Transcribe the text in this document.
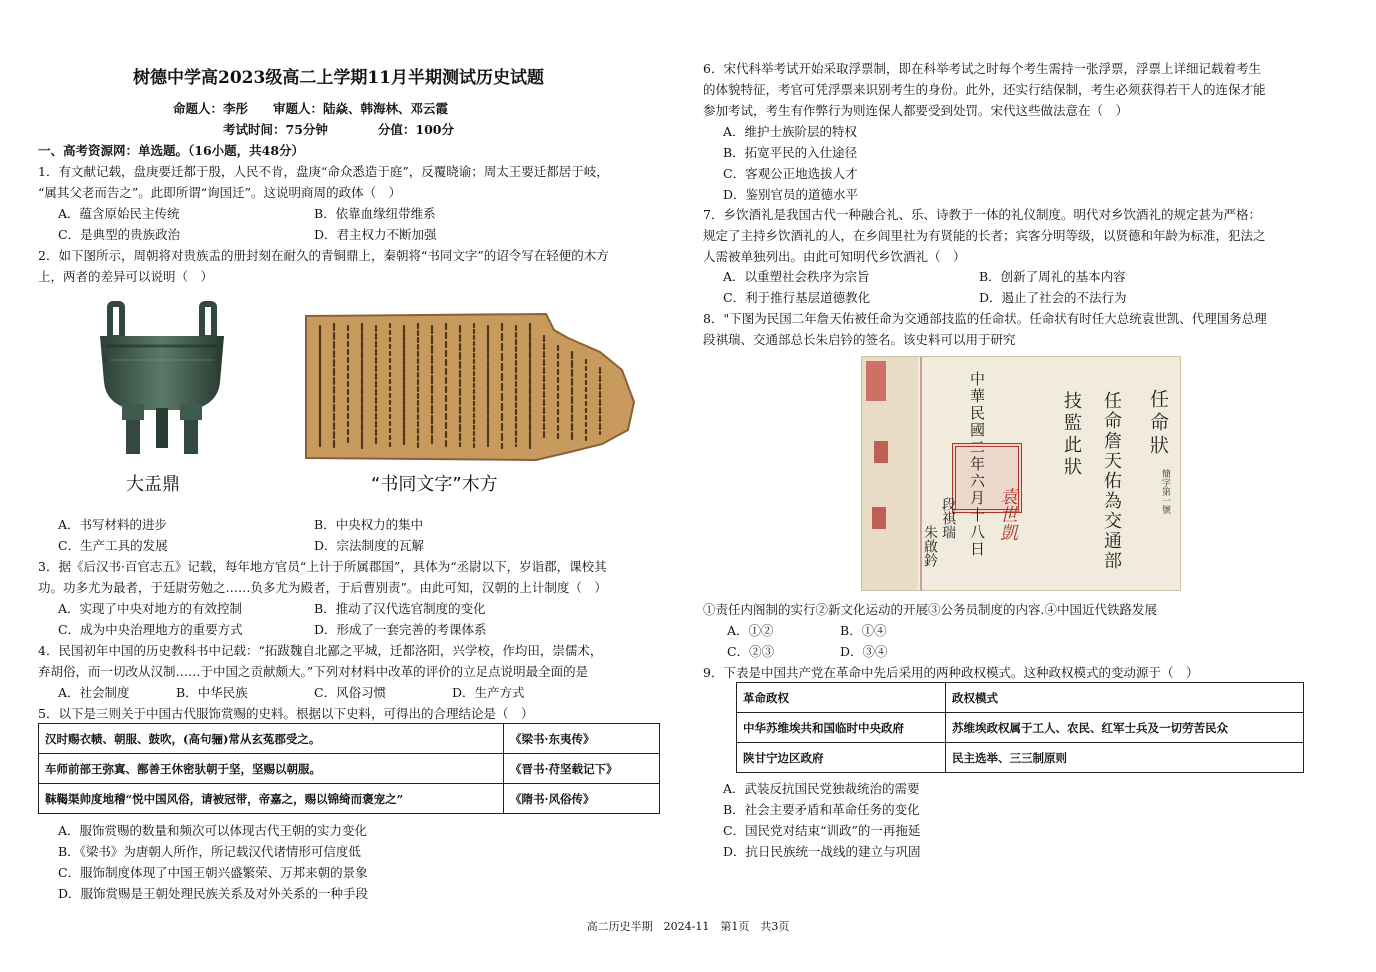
树德中学高2023级高二上学期11月半期测试历史试题
命题人：李彤　　审题人：陆焱、韩海林、邓云霞
考试时间：75分钟　　　　分值：100分
一、高考资源网：单选题。（16小题，共48分）
1．有文献记载，盘庚要迁都于殷，人民不肯，盘庚“命众悉造于庭”，反覆晓谕；周太王要迁都居于岐，
“属其父老而告之”。此即所谓“询国迁”。这说明商周的政体（　）
A．蕴含原始民主传统	B．依靠血缘纽带维系
C．是典型的贵族政治	D．君主权力不断加强
2．如下图所示，周朝将对贵族盂的册封刻在耐久的青铜鼎上，秦朝将“书同文字”的诏令写在轻便的木方
上，两者的差异可以说明（　）
大盂鼎	“书同文字”木方
A．书写材料的进步	B．中央权力的集中
C．生产工具的发展	D．宗法制度的瓦解
3．据《后汉书·百官志五》记载，每年地方官员“上计于所属郡国”，具体为“丞尉以下，岁诣郡，课校其
功。功多尤为最者，于廷尉劳勉之……负多尤为殿者，于后曹别责”。由此可知，汉朝的上计制度（　）
A．实现了中央对地方的有效控制	B．推动了汉代选官制度的变化
C．成为中央治理地方的重要方式	D．形成了一套完善的考课体系
4．民国初年中国的历史教科书中记载：“拓跋魏自北鄙之平城，迁都洛阳，兴学校，作均田，崇儒术，
弃胡俗，而一切改从汉制……于中国之贡献颇大。”下列对材料中改革的评价的立足点说明最全面的是
A．社会制度	B．中华民族	C．风俗习惯	D．生产方式
5．以下是三则关于中国古代服饰赏赐的史料。根据以下史料，可得出的合理结论是（　）
汉时赐衣帻、朝服、鼓吹，(高句骊)常从玄菟郡受之。	《梁书·东夷传》
车师前部王弥寘、鄯善王休密驮朝于坚，坚赐以朝服。	《晋书·苻坚载记下》
靺鞨渠帅度地稽“悦中国风俗，请被冠带，帝嘉之，赐以锦绮而褒宠之”	《隋书·风俗传》
A．服饰赏赐的数量和频次可以体现古代王朝的实力变化
B．《梁书》为唐朝人所作，所记载汉代诸情形可信度低
C．服饰制度体现了中国王朝兴盛繁荣、万邦来朝的景象
D．服饰赏赐是王朝处理民族关系及对外关系的一种手段
6．宋代科举考试开始采取浮票制，即在科举考试之时每个考生需持一张浮票，浮票上详细记载着考生
的体貌特征，考官可凭浮票来识别考生的身份。此外，还实行结保制，考生必须获得若干人的连保才能
参加考试，考生有作弊行为则连保人都要受到处罚。宋代这些做法意在（　）
A．维护士族阶层的特权
B．拓宽平民的入仕途径
C．客观公正地选拔人才
D．鉴别官员的道德水平
7．乡饮酒礼是我国古代一种融合礼、乐、诗教于一体的礼仪制度。明代对乡饮酒礼的规定甚为严格：
规定了主持乡饮酒礼的人，在乡闾里社为有贤能的长者；宾客分明等级，以贤德和年龄为标准，犯法之
人需被单独列出。由此可知明代乡饮酒礼（　）
A．以重塑社会秩序为宗旨	B．创新了周礼的基本内容
C．利于推行基层道德教化	D．遏止了社会的不法行为
8．"下图为民国二年詹天佑被任命为交通部技监的任命状。任命状有时任大总统袁世凯、代理国务总理
段祺瑞、交通部总长朱启钤的签名。该史料可以用于研究
任命狀
簡字第一號
任命詹天佑為交通部
技監此狀
中華民國二年六月十八日 袁世凱
段祺瑞
朱啟鈐
①责任内阁制的实行②新文化运动的开展③公务员制度的内容.④中国近代铁路发展
A．①②	B．①④
C．②③	D．③④
9．下表是中国共产党在革命中先后采用的两种政权模式。这种政权模式的变动源于（　）
革命政权	政权模式
中华苏维埃共和国临时中央政府	苏维埃政权属于工人、农民、红军士兵及一切劳苦民众
陕甘宁边区政府	民主选举、三三制原则
A．武装反抗国民党独裁统治的需要
B．社会主要矛盾和革命任务的变化
C．国民党对结束“训政”的一再拖延
D．抗日民族统一战线的建立与巩固
高二历史半期　2024-11　第1页　共3页
